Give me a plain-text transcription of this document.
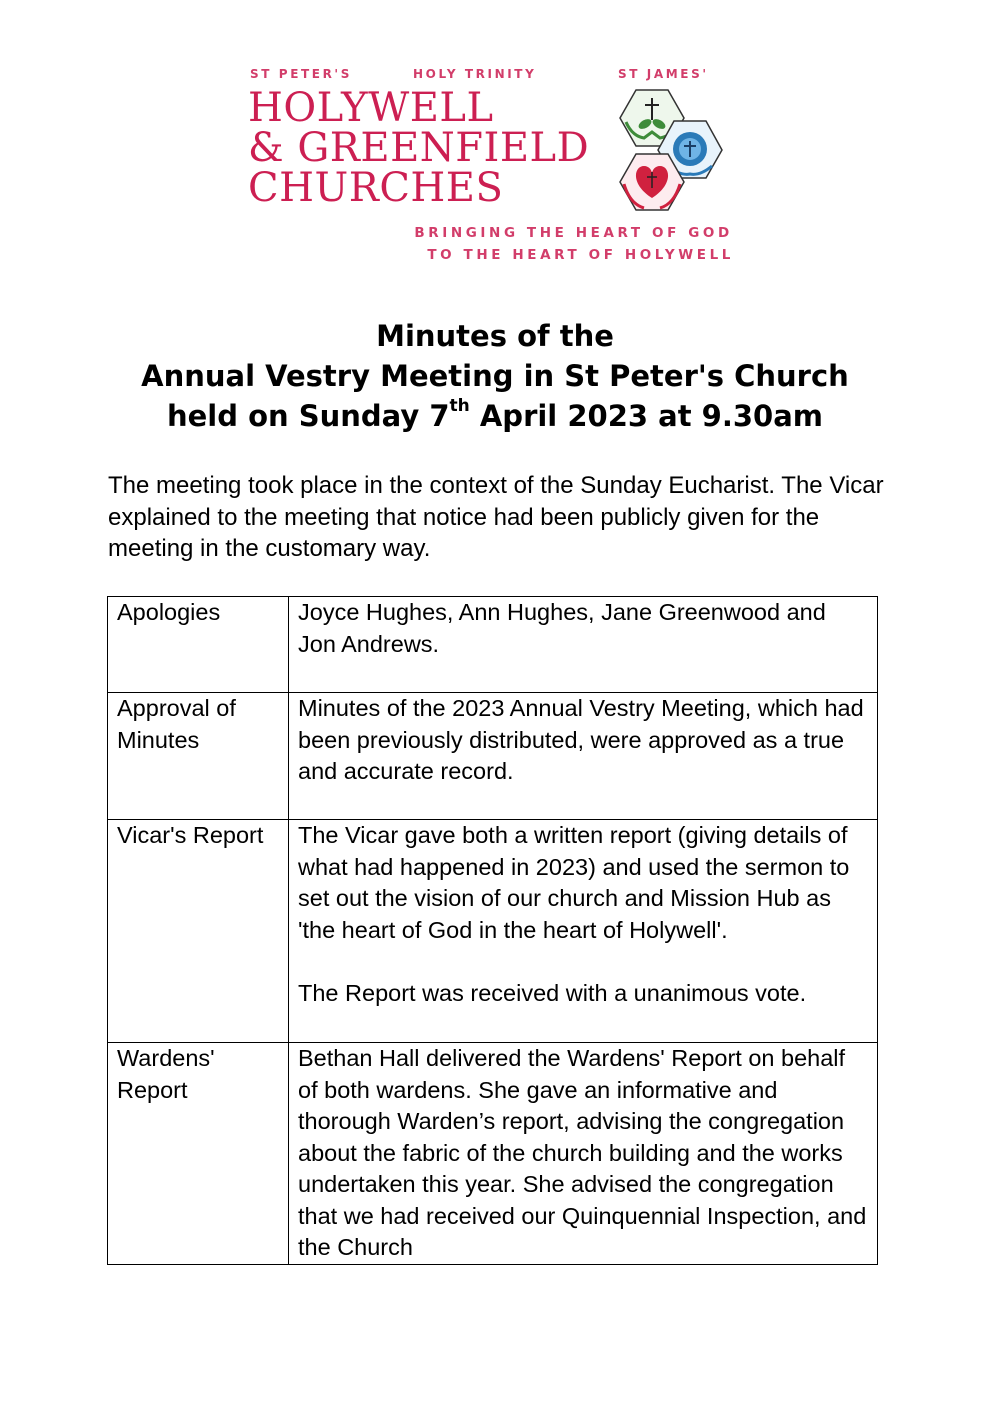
ST PETER'S	HOLY TRINITY	ST JAMES'
HOLYWELL
& GREENFIELD
CHURCHES
BRINGING THE HEART OF GOD
TO THE HEART OF HOLYWELL
Minutes of the
Annual Vestry Meeting in St Peter's Church
held on Sunday 7th April 2023 at 9.30am
The meeting took place in the context of the Sunday Eucharist. The Vicar explained to the meeting that notice had been publicly given for the meeting in the customary way.
Apologies	Joyce Hughes, Ann Hughes, Jane Greenwood and Jon Andrews.
Approval of Minutes	Minutes of the 2023 Annual Vestry Meeting, which had been previously distributed, were approved as a true and accurate record.
Vicar's Report	The Vicar gave both a written report (giving details of what had happened in 2023) and used the sermon to set out the vision of our church and Mission Hub as 'the heart of God in the heart of Holywell'.
The Report was received with a unanimous vote.

Wardens' Report	Bethan Hall delivered the Wardens' Report on behalf of both wardens. She gave an informative and thorough Warden’s report, advising the congregation about the fabric of the church building and the works undertaken this year. She advised the congregation that we had received our Quinquennial Inspection, and the Church
